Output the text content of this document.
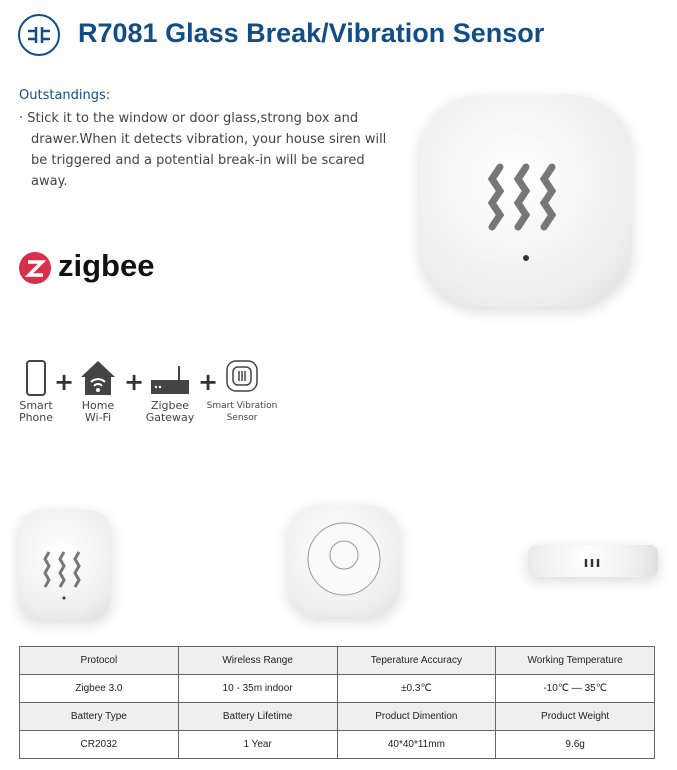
R7081 Glass Break/Vibration Sensor
Outstandings:
· Stick it to the window or door glass,strong box and drawer.When it detects vibration, your house siren will be triggered and a potential break-in will be scared away.
zigbee
+ + +
Smart Phone
Home Wi-Fi
Zigbee Gateway
Smart Vibration Sensor
Protocol	Wireless Range	Teperature Accuracy	Working Temperature
Zigbee 3.0	10 - 35m indoor	±0.3℃	-10℃ — 35℃
Battery Type	Battery Lifetime	Product Dimention	Product Weight
CR2032	1 Year	40*40*11mm	9.6g
